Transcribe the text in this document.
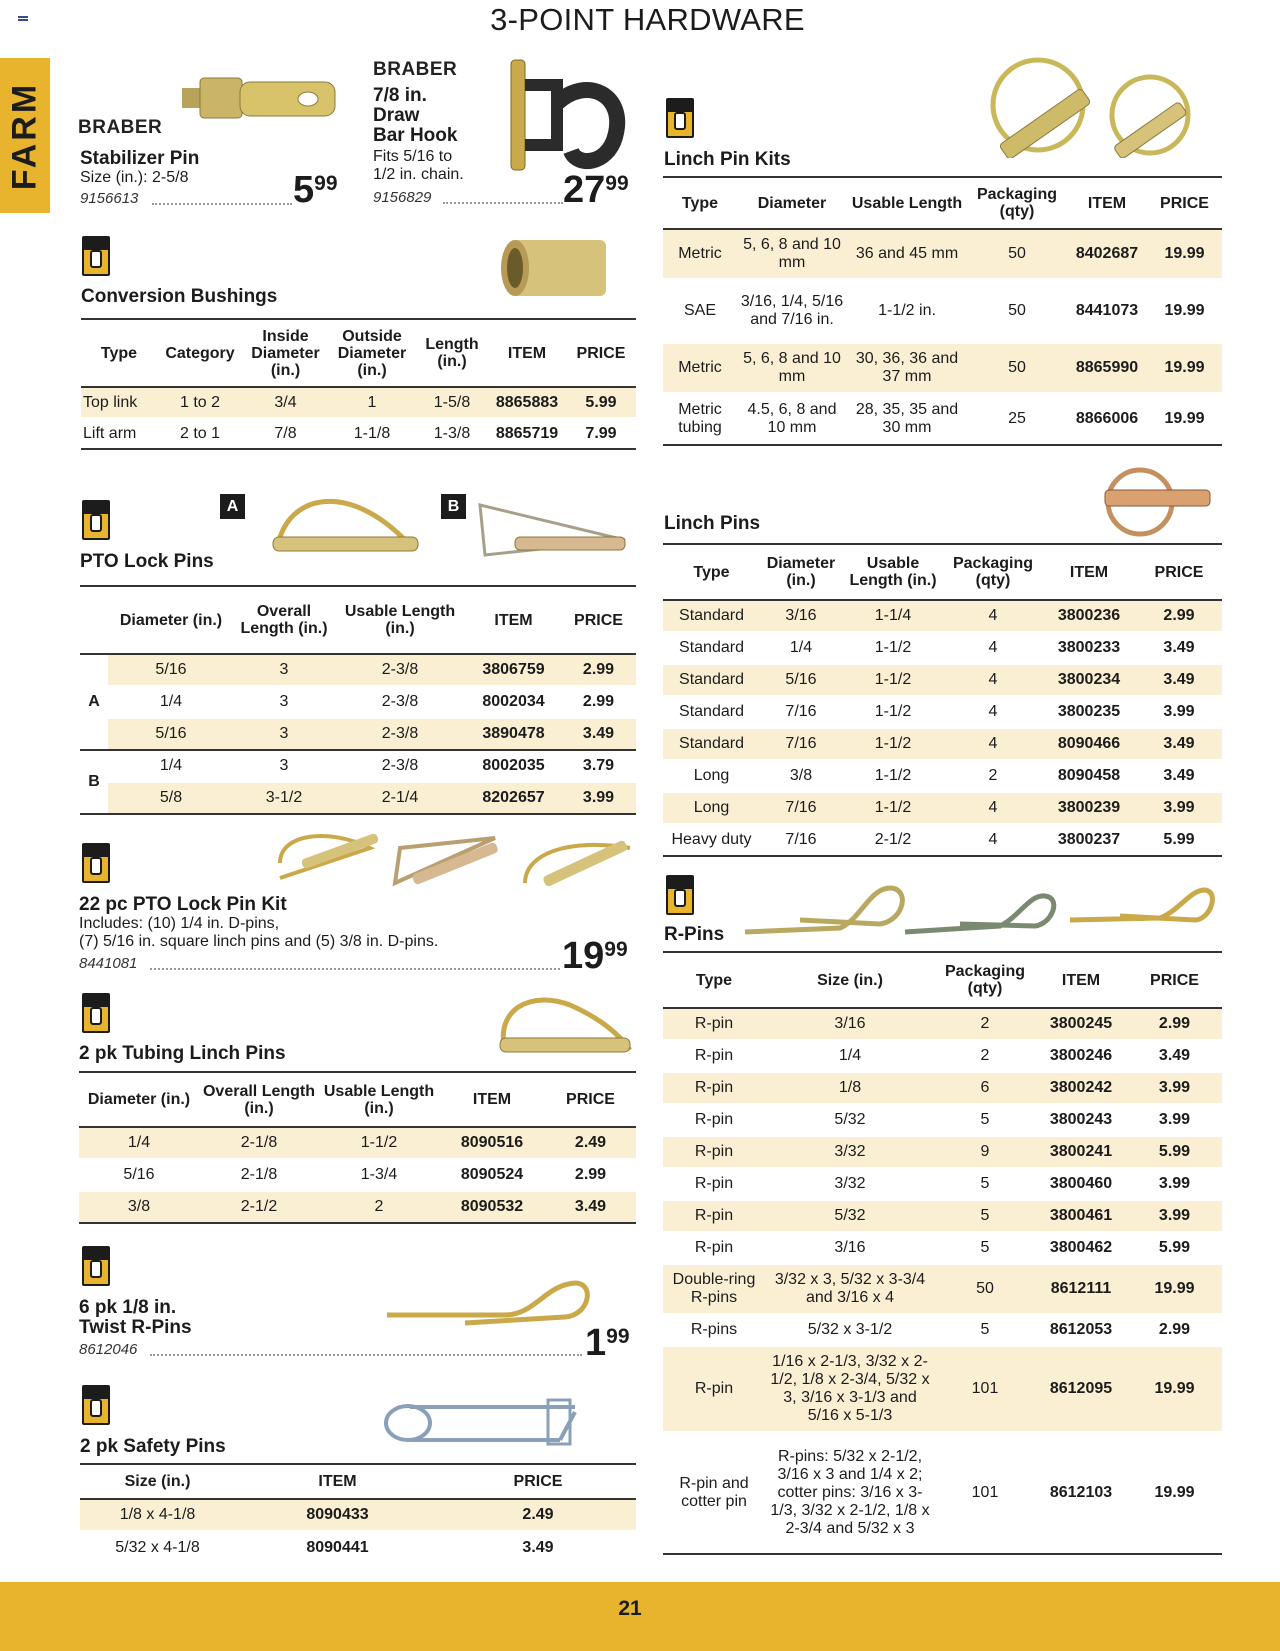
3-POINT HARDWARE
FARM BRABER
Stabilizer Pin
Size (in.): 2-5/8
9156613	$5^{99}$
BRABER
7/8 in.
Draw
Bar Hook
Fits 5/16 to
1/2 in. chain.
9156829	$27^{99}$
Conversion Bushings
Type	Category	Inside Diameter (in.)	Outside Diameter (in.)	Length (in.)	ITEM	PRICE
Top link	1 to 2	3/4	1	1-5/8	8865883	5.99
Lift arm	2 to 1	7/8	1-1/8	1-3/8	8865719	7.99
PTO Lock Pins
A	B
	Diameter (in.)	Overall Length (in.)	Usable Length (in.)	ITEM	PRICE
A	5/16	3	2-3/8	3806759	2.99
	1/4	3	2-3/8	8002034	2.99
	5/16	3	2-3/8	3890478	3.49
B	1/4	3	2-3/8	8002035	3.79
	5/8	3-1/2	2-1/4	8202657	3.99
22 pc PTO Lock Pin Kit
Includes: (10) 1/4 in. D-pins,
(7) 5/16 in. square linch pins and (5) 3/8 in. D-pins.
8441081	$19^{99}$
2 pk Tubing Linch Pins
Diameter (in.)	Overall Length (in.)	Usable Length (in.)	ITEM	PRICE
1/4	2-1/8	1-1/2	8090516	2.49
5/16	2-1/8	1-3/4	8090524	2.99
3/8	2-1/2	2	8090532	3.49
6 pk 1/8 in.
Twist R-Pins
8612046	$1^{99}$
2 pk Safety Pins
Size (in.)	ITEM	PRICE
1/8 x 4-1/8	8090433	2.49
5/32 x 4-1/8	8090441	3.49
Linch Pin Kits
Type	Diameter	Usable Length	Packaging (qty)	ITEM	PRICE
Metric	5, 6, 8 and 10 mm	36 and 45 mm	50	8402687	19.99
SAE	3/16, 1/4, 5/16 and 7/16 in.	1-1/2 in.	50	8441073	19.99
Metric	5, 6, 8 and 10 mm	30, 36, 36 and 37 mm	50	8865990	19.99
Metric tubing	4.5, 6, 8 and 10 mm	28, 35, 35 and 30 mm	25	8866006	19.99
Linch Pins
Type	Diameter (in.)	Usable Length (in.)	Packaging (qty)	ITEM	PRICE
Standard	3/16	1-1/4	4	3800236	2.99
Standard	1/4	1-1/2	4	3800233	3.49
Standard	5/16	1-1/2	4	3800234	3.49
Standard	7/16	1-1/2	4	3800235	3.99
Standard	7/16	1-1/2	4	8090466	3.49
Long	3/8	1-1/2	2	8090458	3.49
Long	7/16	1-1/2	4	3800239	3.99
Heavy duty	7/16	2-1/2	4	3800237	5.99
R-Pins
Type	Size (in.)	Packaging (qty)	ITEM	PRICE
R-pin	3/16	2	3800245	2.99
R-pin	1/4	2	3800246	3.49
R-pin	1/8	6	3800242	3.99
R-pin	5/32	5	3800243	3.99
R-pin	3/32	9	3800241	5.99
R-pin	3/32	5	3800460	3.99
R-pin	5/32	5	3800461	3.99
R-pin	3/16	5	3800462	5.99
Double-ring R-pins	3/32 x 3, 5/32 x 3-3/4 and 3/16 x 4	50	8612111	19.99
R-pins	5/32 x 3-1/2	5	8612053	2.99
R-pin	1/16 x 2-1/3, 3/32 x 2-1/2, 1/8 x 2-3/4, 5/32 x 3, 3/16 x 3-1/3 and 5/16 x 5-1/3	101	8612095	19.99
R-pin and cotter pin	R-pins: 5/32 x 2-1/2, 3/16 x 3 and 1/4 x 2; cotter pins: 3/16 x 3-1/3, 3/32 x 2-1/2, 1/8 x 2-3/4 and 5/32 x 3	101	8612103	19.99
21
